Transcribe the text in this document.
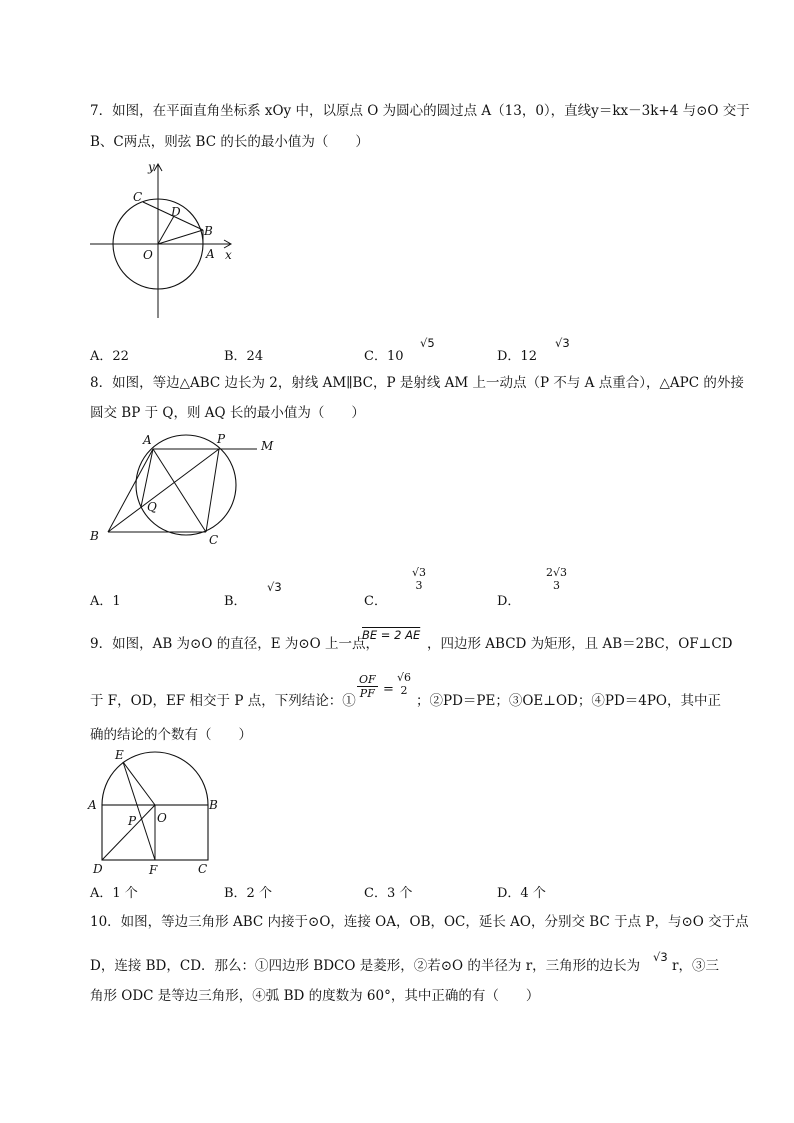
7．如图，在平面直角坐标系 xOy 中，以原点 O 为圆心的圆过点 A（13，0），直线y＝kx－3k+4 与⊙O 交于
B、C两点，则弦 BC 的长的最小值为（　　）
y
x
C
D
B
O	A
A．22	B．24	C．10
√5
D．12
√3
8．如图，等边△ABC 边长为 2，射线 AM∥BC，P 是射线 AM 上一动点（P 不与 A 点重合），△APC 的外接
圆交 BP 于 Q，则 AQ 长的最小值为（　　）
A	P	M
Q
B	C
A．1	B．
√3
C．
√3
3
D．
2√3
3
9．如图，AB 为⊙O 的直径，E 为⊙O 上一点，
BE = 2 AE
，四边形 ABCD 为矩形，且 AB＝2BC，OF⊥CD
于 F，OD，EF 相交于 P 点，下列结论：①
$\frac{OF}{PF}$ =
√6
2
；②PD＝PE；③OE⊥OD；④PD＝4PO，其中正
确的结论的个数有（　　）
E
A	B
P O
D	F	C
A．1 个	B．2 个	C．3 个	D．4 个
10．如图，等边三角形 ABC 内接于⊙O，连接 OA，OB，OC，延长 AO，分别交 BC 于点 P，与⊙O 交于点
D，连接 BD，CD．那么：①四边形 BDCO 是菱形，②若⊙O 的半径为 r，三角形的边长为
√3
r，③三
角形 ODC 是等边三角形，④弧 BD 的度数为 60°，其中正确的有（　　）
